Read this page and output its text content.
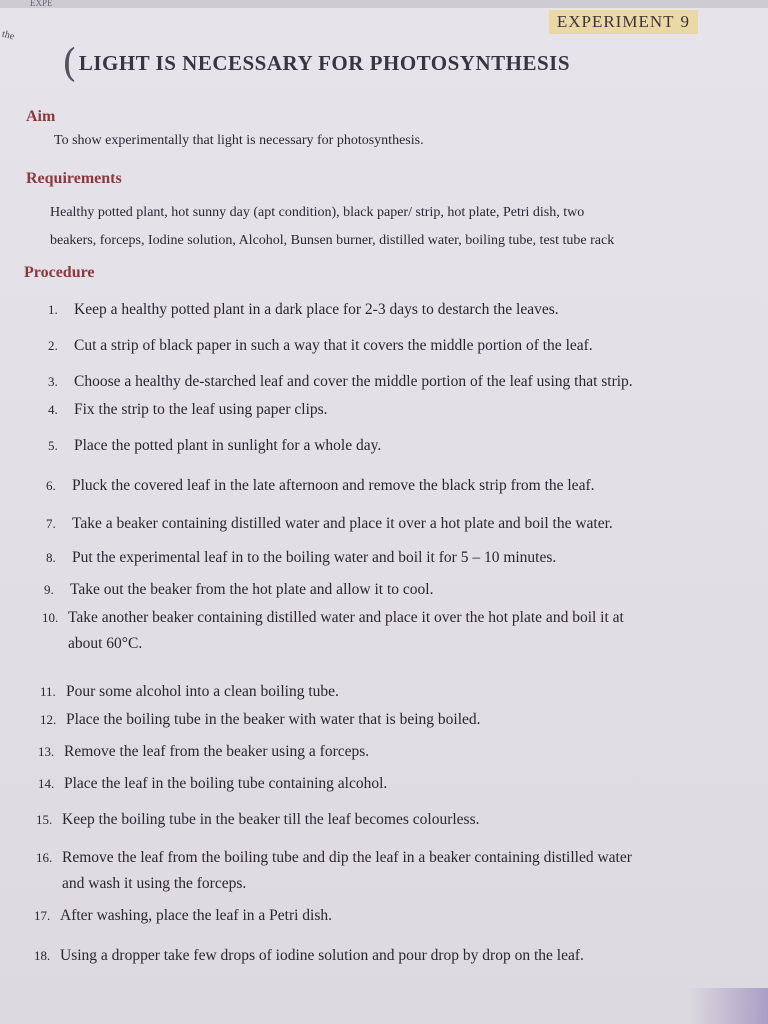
EXPE
the
EXPERIMENT 9
( LIGHT IS NECESSARY FOR PHOTOSYNTHESIS
Aim
To show experimentally that light is necessary for photosynthesis.
Requirements
Healthy potted plant, hot sunny day (apt condition), black paper/ strip, hot plate, Petri dish, two
beakers, forceps, Iodine solution, Alcohol, Bunsen burner, distilled water, boiling tube, test tube rack
Procedure
1. Keep a healthy potted plant in a dark place for 2-3 days to destarch the leaves.
2. Cut a strip of black paper in such a way that it covers the middle portion of the leaf.
3. Choose a healthy de-starched leaf and cover the middle portion of the leaf using that strip.
4. Fix the strip to the leaf using paper clips.
5. Place the potted plant in sunlight for a whole day.
6. Pluck the covered leaf in the late afternoon and remove the black strip from the leaf.
7. Take a beaker containing distilled water and place it over a hot plate and boil the water.
8. Put the experimental leaf in to the boiling water and boil it for 5 – 10 minutes.
9. Take out the beaker from the hot plate and allow it to cool.
10. Take another beaker containing distilled water and place it over the hot plate and boil it at
about 60°C.
11. Pour some alcohol into a clean boiling tube.
12. Place the boiling tube in the beaker with water that is being boiled.
13. Remove the leaf from the beaker using a forceps.
14. Place the leaf in the boiling tube containing alcohol.
15. Keep the boiling tube in the beaker till the leaf becomes colourless.
16. Remove the leaf from the boiling tube and dip the leaf in a beaker containing distilled water
and wash it using the forceps.
17. After washing, place the leaf in a Petri dish.
18. Using a dropper take few drops of iodine solution and pour drop by drop on the leaf.
